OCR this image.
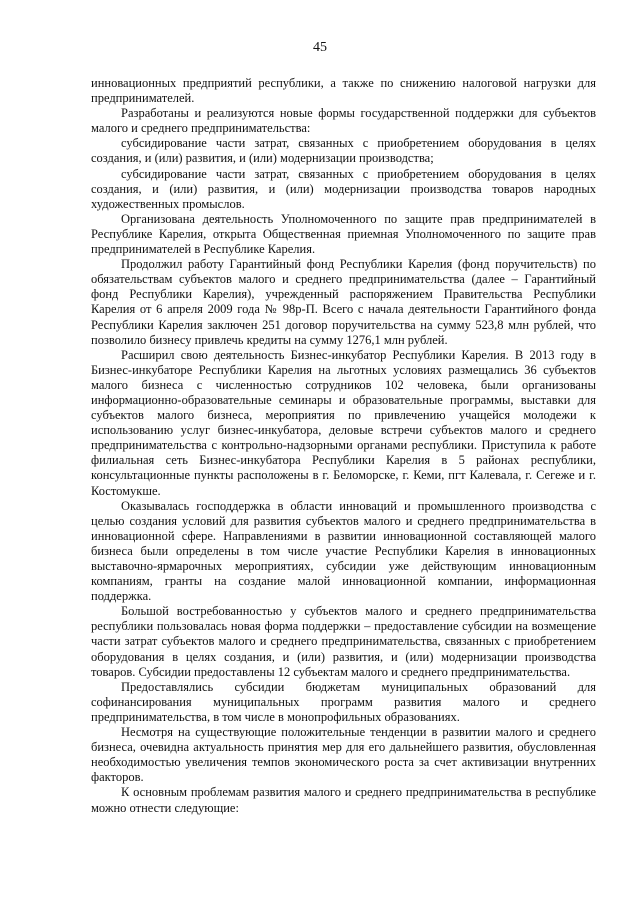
45

инновационных предприятий республики, а также по снижению налоговой нагрузки для предпринимателей.

Разработаны и реализуются новые формы государственной поддержки для субъектов малого и среднего предпринимательства:

субсидирование части затрат, связанных с приобретением оборудования в целях создания, и (или) развития, и (или) модернизации производства;

субсидирование части затрат, связанных с приобретением оборудования в целях создания, и (или) развития, и (или) модернизации производства товаров народных художественных промыслов.

Организована деятельность Уполномоченного по защите прав предпринимателей в Республике Карелия, открыта Общественная приемная Уполномоченного по защите прав предпринимателей в Республике Карелия.

Продолжил работу Гарантийный фонд Республики Карелия (фонд поручительств) по обязательствам субъектов малого и среднего предпринимательства (далее – Гарантийный фонд Республики Карелия), учрежденный распоряжением Правительства Республики Карелия от 6 апреля 2009 года № 98р-П. Всего с начала деятельности Гарантийного фонда Республики Карелия заключен 251 договор поручительства на сумму 523,8 млн рублей, что позволило бизнесу привлечь кредиты на сумму 1276,1 млн рублей.

Расширил свою деятельность Бизнес-инкубатор Республики Карелия. В 2013 году в Бизнес-инкубаторе Республики Карелия на льготных условиях размещались 36 субъектов малого бизнеса с численностью сотрудников 102 человека, были организованы информационно-образовательные семинары и образовательные программы, выставки для субъектов малого бизнеса, мероприятия по привлечению учащейся молодежи к использованию услуг бизнес-инкубатора, деловые встречи субъектов малого и среднего предпринимательства с контрольно-надзорными органами республики. Приступила к работе филиальная сеть Бизнес-инкубатора Республики Карелия в 5 районах республики, консультационные пункты расположены в г. Беломорске, г. Кеми, пгт Калевала, г. Сегеже и г. Костомукше.

Оказывалась господдержка в области инноваций и промышленного производства с целью создания условий для развития субъектов малого и среднего предпринимательства в инновационной сфере. Направлениями в развитии инновационной составляющей малого бизнеса были определены в том числе участие Республики Карелия в инновационных выставочно-ярмарочных мероприятиях, субсидии уже действующим инновационным компаниям, гранты на создание малой инновационной компании, информационная поддержка.

Большой востребованностью у субъектов малого и среднего предпринимательства республики пользовалась новая форма поддержки – предоставление субсидии на возмещение части затрат субъектов малого и среднего предпринимательства, связанных с приобретением оборудования в целях создания, и (или) развития, и (или) модернизации производства товаров. Субсидии предоставлены 12 субъектам малого и среднего предпринимательства.

Предоставлялись субсидии бюджетам муниципальных образований для софинансирования муниципальных программ развития малого и среднего предпринимательства, в том числе в монопрофильных образованиях.

Несмотря на существующие положительные тенденции в развитии малого и среднего бизнеса, очевидна актуальность принятия мер для его дальнейшего развития, обусловленная необходимостью увеличения темпов экономического роста за счет активизации внутренних факторов.

К основным проблемам развития малого и среднего предпринимательства в республике можно отнести следующие:
